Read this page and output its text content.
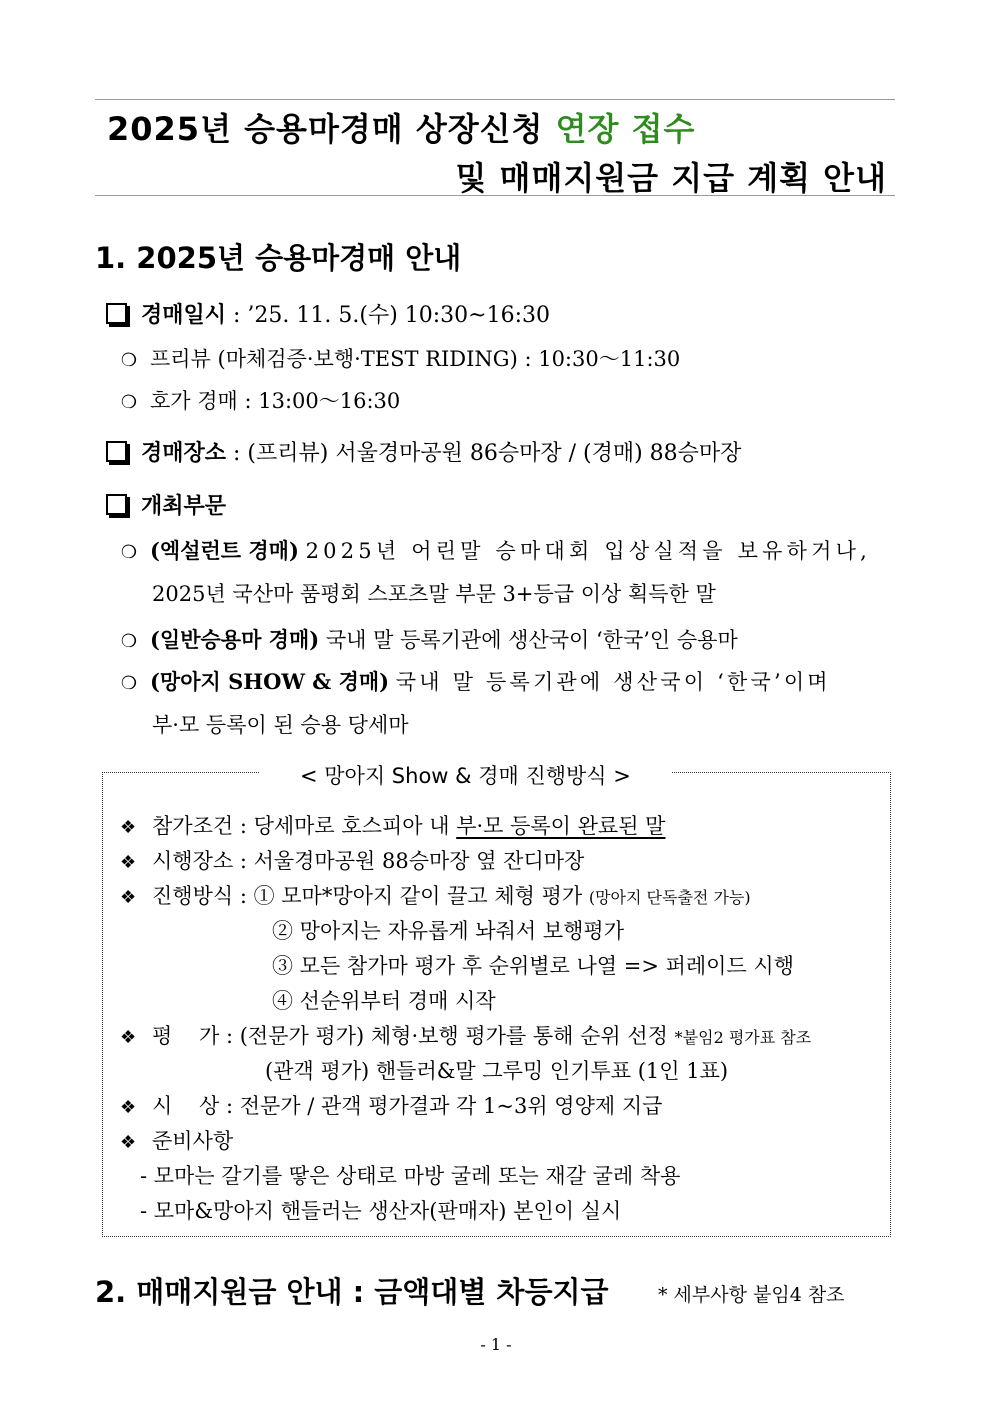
2025년 승용마경매 상장신청 연장 접수
및 매매지원금 지급 계획 안내
1. 2025년 승용마경매 안내
경매일시 : ’25. 11. 5.(수) 10:30~16:30
❍ 프리뷰 (마체검증·보행·TEST RIDING) : 10:30～11:30
❍ 호가 경매 : 13:00～16:30
경매장소 : (프리뷰) 서울경마공원 86승마장 / (경매) 88승마장
개최부문
❍ (엑설런트 경매) 2025년 어린말 승마대회 입상실적을 보유하거나,
2025년 국산마 품평회 스포츠말 부문 3+등급 이상 획득한 말
❍ (일반승용마 경매) 국내 말 등록기관에 생산국이 ‘한국’인 승용마
❍ (망아지 SHOW & 경매) 국내 말 등록기관에 생산국이 ‘한국’이며
부·모 등록이 된 승용 당세마
< 망아지 Show & 경매 진행방식 >
❖ 참가조건 : 당세마로 호스피아 내 부·모 등록이 완료된 말
❖ 시행장소 : 서울경마공원 88승마장 옆 잔디마장
❖ 진행방식 : ① 모마*망아지 같이 끌고 체형 평가 (망아지 단독출전 가능)
② 망아지는 자유롭게 놔줘서 보행평가
③ 모든 참가마 평가 후 순위별로 나열 => 퍼레이드 시행
④ 선순위부터 경매 시작
❖ 평    가 : (전문가 평가) 체형·보행 평가를 통해 순위 선정 *붙임2 평가표 참조
(관객 평가) 핸들러&말 그루밍 인기투표 (1인 1표)
❖ 시    상 : 전문가 / 관객 평가결과 각 1~3위 영양제 지급
❖ 준비사항
- 모마는 갈기를 땋은 상태로 마방 굴레 또는 재갈 굴레 착용
- 모마&망아지 핸들러는 생산자(판매자) 본인이 실시
2. 매매지원금 안내 : 금액대별 차등지급	* 세부사항 붙임4 참조
- 1 -
